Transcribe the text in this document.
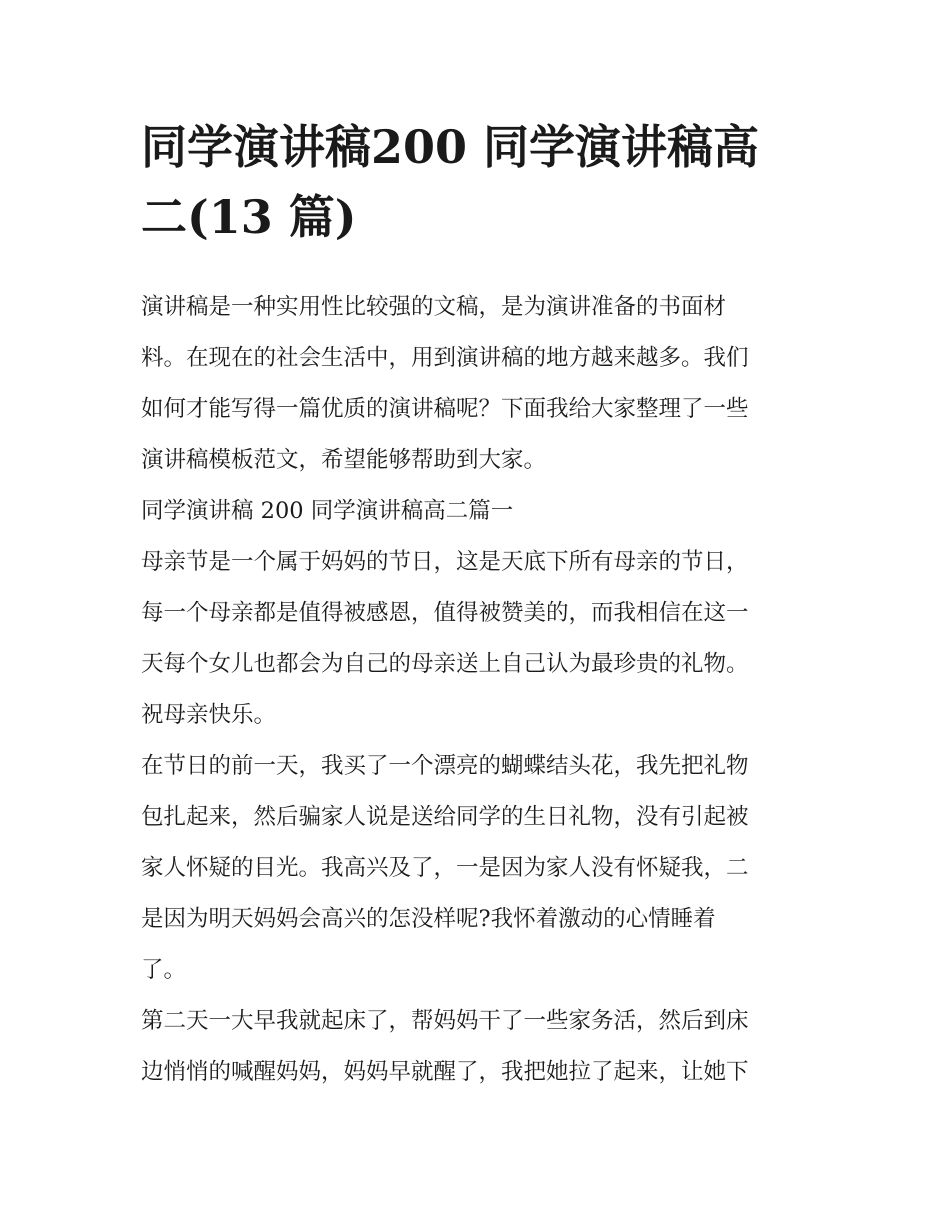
同学演讲稿200 同学演讲稿高
二(13 篇)

演讲稿是一种实用性比较强的文稿，是为演讲准备的书面材
料。在现在的社会生活中，用到演讲稿的地方越来越多。我们
如何才能写得一篇优质的演讲稿呢？下面我给大家整理了一些
演讲稿模板范文，希望能够帮助到大家。

同学演讲稿 200 同学演讲稿高二篇一

母亲节是一个属于妈妈的节日，这是天底下所有母亲的节日，
每一个母亲都是值得被感恩，值得被赞美的，而我相信在这一
天每个女儿也都会为自己的母亲送上自己认为最珍贵的礼物。
祝母亲快乐。

在节日的前一天，我买了一个漂亮的蝴蝶结头花，我先把礼物
包扎起来，然后骗家人说是送给同学的生日礼物，没有引起被
家人怀疑的目光。我高兴及了，一是因为家人没有怀疑我，二
是因为明天妈妈会高兴的怎没样呢?我怀着激动的心情睡着
了。

第二天一大早我就起床了，帮妈妈干了一些家务活，然后到床
边悄悄的喊醒妈妈，妈妈早就醒了，我把她拉了起来，让她下
